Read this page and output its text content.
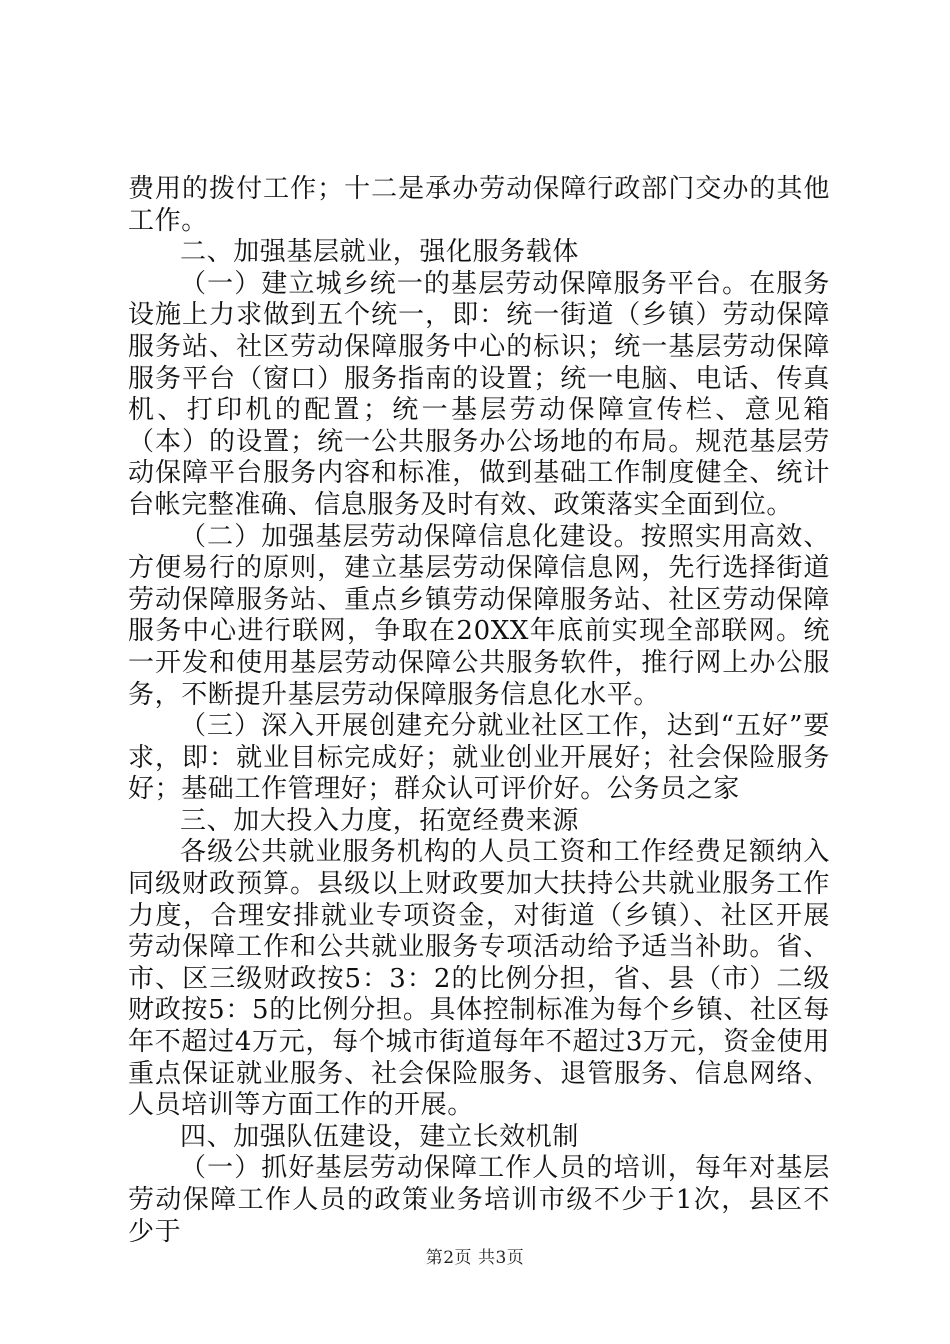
费用的拨付工作；十二是承办劳动保障行政部门交办的其他工作。

二、加强基层就业，强化服务载体

（一）建立城乡统一的基层劳动保障服务平台。在服务设施上力求做到五个统一，即：统一街道（乡镇）劳动保障服务站、社区劳动保障服务中心的标识；统一基层劳动保障服务平台（窗口）服务指南的设置；统一电脑、电话、传真机、打印机的配置；统一基层劳动保障宣传栏、意见箱（本）的设置；统一公共服务办公场地的布局。规范基层劳动保障平台服务内容和标准，做到基础工作制度健全、统计台帐完整准确、信息服务及时有效、政策落实全面到位。

（二）加强基层劳动保障信息化建设。按照实用高效、方便易行的原则，建立基层劳动保障信息网，先行选择街道劳动保障服务站、重点乡镇劳动保障服务站、社区劳动保障服务中心进行联网，争取在20XX年底前实现全部联网。统一开发和使用基层劳动保障公共服务软件，推行网上办公服务，不断提升基层劳动保障服务信息化水平。

（三）深入开展创建充分就业社区工作，达到“五好”要求，即：就业目标完成好；就业创业开展好；社会保险服务好；基础工作管理好；群众认可评价好。公务员之家

三、加大投入力度，拓宽经费来源

各级公共就业服务机构的人员工资和工作经费足额纳入同级财政预算。县级以上财政要加大扶持公共就业服务工作力度，合理安排就业专项资金，对街道（乡镇）、社区开展劳动保障工作和公共就业服务专项活动给予适当补助。省、市、区三级财政按5：3：2的比例分担，省、县（市）二级财政按5：5的比例分担。具体控制标准为每个乡镇、社区每年不超过4万元，每个城市街道每年不超过3万元，资金使用重点保证就业服务、社会保险服务、退管服务、信息网络、人员培训等方面工作的开展。

四、加强队伍建设，建立长效机制

（一）抓好基层劳动保障工作人员的培训，每年对基层劳动保障工作人员的政策业务培训市级不少于1次，县区不少于

第2页 共3页
